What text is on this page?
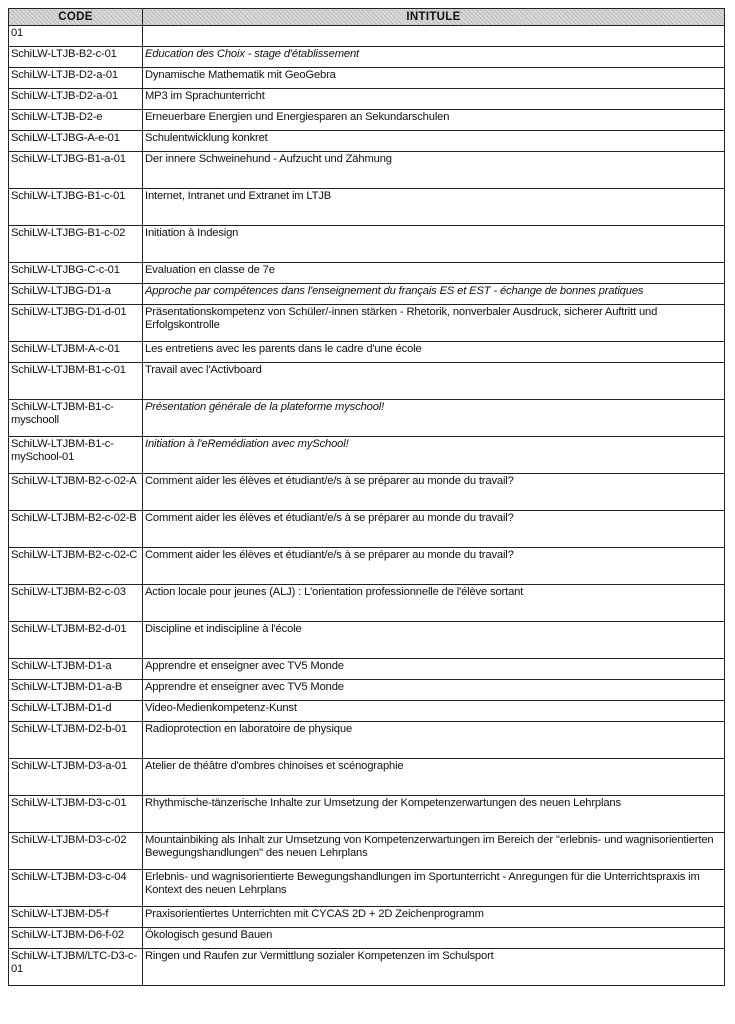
CODE	INTITULE
01	
SchiLW-LTJB-B2-c-01	Education des Choix - stage d'établissement
SchiLW-LTJB-D2-a-01	Dynamische Mathematik mit GeoGebra
SchiLW-LTJB-D2-a-01	MP3 im Sprachunterricht
SchiLW-LTJB-D2-e	Erneuerbare Energien und Energiesparen an Sekundarschulen
SchiLW-LTJBG-A-e-01	Schulentwicklung konkret
SchiLW-LTJBG-B1-a-01	Der innere Schweinehund - Aufzucht und Zähmung
SchiLW-LTJBG-B1-c-01	Internet, Intranet und Extranet im LTJB
SchiLW-LTJBG-B1-c-02	Initiation à Indesign
SchiLW-LTJBG-C-c-01	Evaluation en classe de 7e
SchiLW-LTJBG-D1-a	Approche par compétences dans l'enseignement du français ES et EST - échange de bonnes pratiques
SchiLW-LTJBG-D1-d-01	Präsentationskompetenz von Schüler/-innen stärken - Rhetorik, nonverbaler Ausdruck, sicherer Auftritt und Erfolgskontrolle
SchiLW-LTJBM-A-c-01	Les entretiens avec les parents dans le cadre d'une école
SchiLW-LTJBM-B1-c-01	Travail avec l'Activboard
SchiLW-LTJBM-B1-c-myschooll	Présentation générale de la plateforme myschool!
SchiLW-LTJBM-B1-c-mySchool-01	Initiation à l'eRemédiation avec mySchool!
SchiLW-LTJBM-B2-c-02-A	Comment aider les élèves et étudiant/e/s à se préparer au monde du travail?
SchiLW-LTJBM-B2-c-02-B	Comment aider les élèves et étudiant/e/s à se préparer au monde du travail?
SchiLW-LTJBM-B2-c-02-C	Comment aider les élèves et étudiant/e/s à se préparer au monde du travail?
SchiLW-LTJBM-B2-c-03	Action locale pour jeunes (ALJ) : L'orientation professionnelle de l'élève sortant
SchiLW-LTJBM-B2-d-01	Discipline et indiscipline à l'école
SchiLW-LTJBM-D1-a	Apprendre et enseigner avec TV5 Monde
SchiLW-LTJBM-D1-a-B	Apprendre et enseigner avec TV5 Monde
SchiLW-LTJBM-D1-d	Video-Medienkompetenz-Kunst
SchiLW-LTJBM-D2-b-01	Radioprotection en laboratoire de physique
SchiLW-LTJBM-D3-a-01	Atelier de théâtre d'ombres chinoises et scénographie
SchiLW-LTJBM-D3-c-01	Rhythmische-tänzerische Inhalte zur Umsetzung der Kompetenzerwartungen des neuen Lehrplans
SchiLW-LTJBM-D3-c-02	Mountainbiking als Inhalt zur Umsetzung von Kompetenzerwartungen im Bereich der "erlebnis- und wagnisorientierten Bewegungshandlungen" des neuen Lehrplans
SchiLW-LTJBM-D3-c-04	Erlebnis- und wagnisorientierte Bewegungshandlungen im Sportunterricht - Anregungen für die Unterrichtspraxis im Kontext des neuen Lehrplans
SchiLW-LTJBM-D5-f	Praxisorientiertes Unterrichten mit CYCAS 2D + 2D Zeichenprogramm
SchiLW-LTJBM-D6-f-02	Ökologisch gesund Bauen
SchiLW-LTJBM/LTC-D3-c-01	Ringen und Raufen zur Vermittlung sozialer Kompetenzen im Schulsport
